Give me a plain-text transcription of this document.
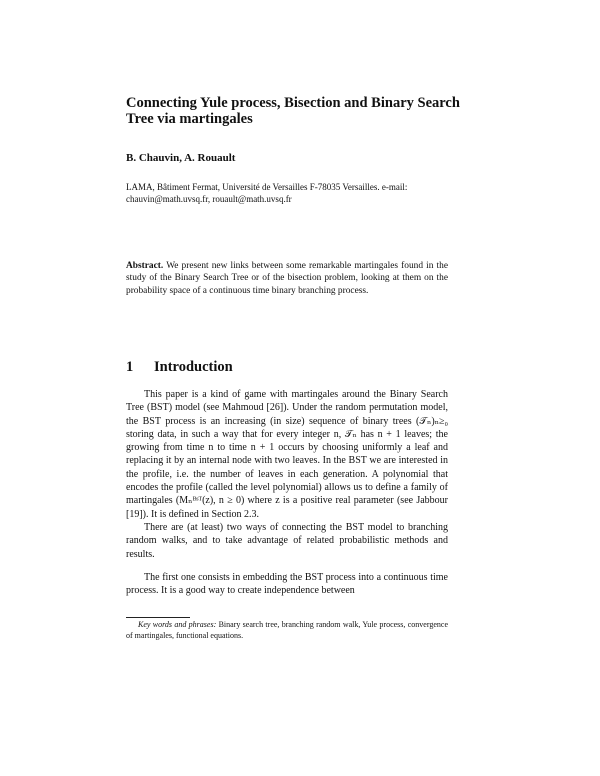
Connecting Yule process, Bisection and Binary Search Tree via martingales
B. Chauvin, A. Rouault
LAMA, Bâtiment Fermat, Université de Versailles F-78035 Versailles. e-mail: chauvin@math.uvsq.fr, rouault@math.uvsq.fr
Abstract. We present new links between some remarkable martingales found in the study of the Binary Search Tree or of the bisection problem, looking at them on the probability space of a continuous time binary branching process.
1 Introduction

This paper is a kind of game with martingales around the Binary Search Tree (BST) model (see Mahmoud [26]). Under the random permutation model, the BST process is an increasing (in size) sequence of binary trees (𝒯ₙ)ₙ≥₀ storing data, in such a way that for every integer n, 𝒯ₙ has n + 1 leaves; the growing from time n to time n + 1 occurs by choosing uniformly a leaf and replacing it by an internal node with two leaves. In the BST we are interested in the profile, i.e. the number of leaves in each generation. A polynomial that encodes the profile (called the level polynomial) allows us to define a family of martingales (Mₙᴮˢᵀ(z), n ≥ 0) where z is a positive real parameter (see Jabbour [19]). It is defined in Section 2.3.

There are (at least) two ways of connecting the BST model to branching random walks, and to take advantage of related probabilistic methods and results.

The first one consists in embedding the BST process into a continuous time process. It is a good way to create independence between

Key words and phrases: Binary search tree, branching random walk, Yule process, convergence of martingales, functional equations.
